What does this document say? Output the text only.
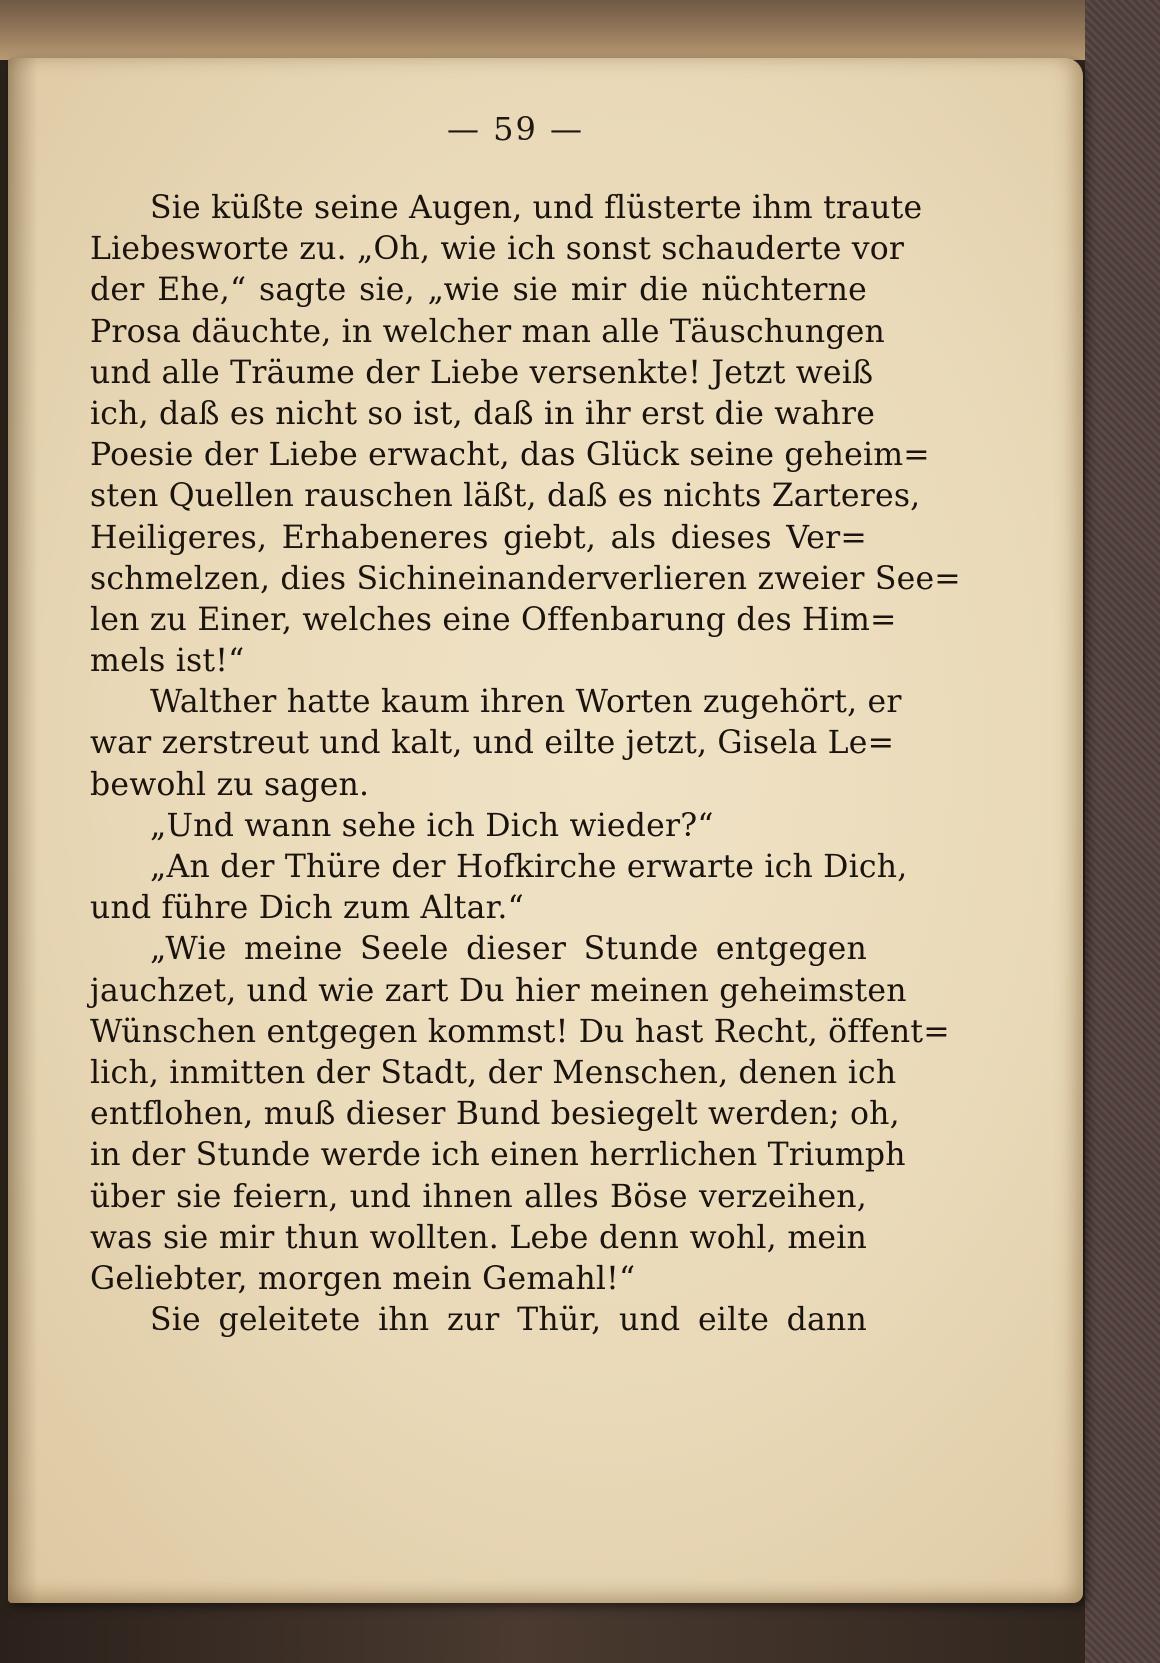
— 59 —
Sie küßte seine Augen, und flüsterte ihm traute
Liebesworte zu. „Oh, wie ich sonst schauderte vor
der Ehe,“ sagte sie, „wie sie mir die nüchterne
Prosa däuchte, in welcher man alle Täuschungen
und alle Träume der Liebe versenkte! Jetzt weiß
ich, daß es nicht so ist, daß in ihr erst die wahre
Poesie der Liebe erwacht, das Glück seine geheim=
sten Quellen rauschen läßt, daß es nichts Zarteres,
Heiligeres, Erhabeneres giebt, als dieses Ver=
schmelzen, dies Sichineinanderverlieren zweier See=
len zu Einer, welches eine Offenbarung des Him=
mels ist!“
Walther hatte kaum ihren Worten zugehört, er
war zerstreut und kalt, und eilte jetzt, Gisela Le=
bewohl zu sagen.
„Und wann sehe ich Dich wieder?“
„An der Thüre der Hofkirche erwarte ich Dich,
und führe Dich zum Altar.“
„Wie meine Seele dieser Stunde entgegen
jauchzet, und wie zart Du hier meinen geheimsten
Wünschen entgegen kommst! Du hast Recht, öffent=
lich, inmitten der Stadt, der Menschen, denen ich
entflohen, muß dieser Bund besiegelt werden; oh,
in der Stunde werde ich einen herrlichen Triumph
über sie feiern, und ihnen alles Böse verzeihen,
was sie mir thun wollten. Lebe denn wohl, mein
Geliebter, morgen mein Gemahl!“
Sie geleitete ihn zur Thür, und eilte dann
